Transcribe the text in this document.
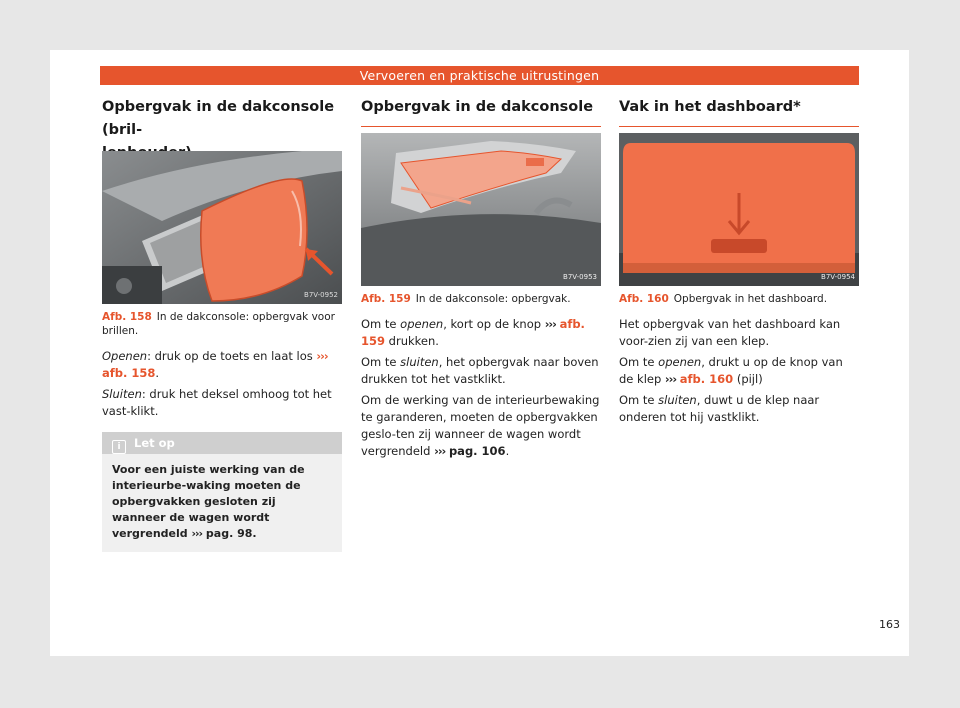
Vervoeren en praktische uitrustingen
Opbergvak in de dakconsole (bril-
B7V-0952
Afb. 158 In de dakconsole: opbergvak voor brillen.

Openen: druk op de toets en laat los ››› afb. 158.

Sluiten: druk het deksel omhoog tot het vast-klikt.

i Let op
Voor een juiste werking van de interieurbe-waking moeten de opbergvakken gesloten zij wanneer de wagen wordt vergrendeld ››› pag. 98.
Opbergvak in de dakconsole
B7V-0953
Afb. 159 In de dakconsole: opbergvak.

Om te openen, kort op de knop ››› afb. 159 drukken.

Om te sluiten, het opbergvak naar boven drukken tot het vastklikt.

Om de werking van de interieurbewaking te garanderen, moeten de opbergvakken geslo-ten zij wanneer de wagen wordt vergrendeld ››› pag. 106.

Vak in het dashboard*
B7V-0954
Afb. 160 Opbergvak in het dashboard.

Het opbergvak van het dashboard kan voor-zien zij van een klep.

Om te openen, drukt u op de knop van de klep ››› afb. 160 (pijl)

Om te sluiten, duwt u de klep naar onderen tot hij vastklikt.

163
